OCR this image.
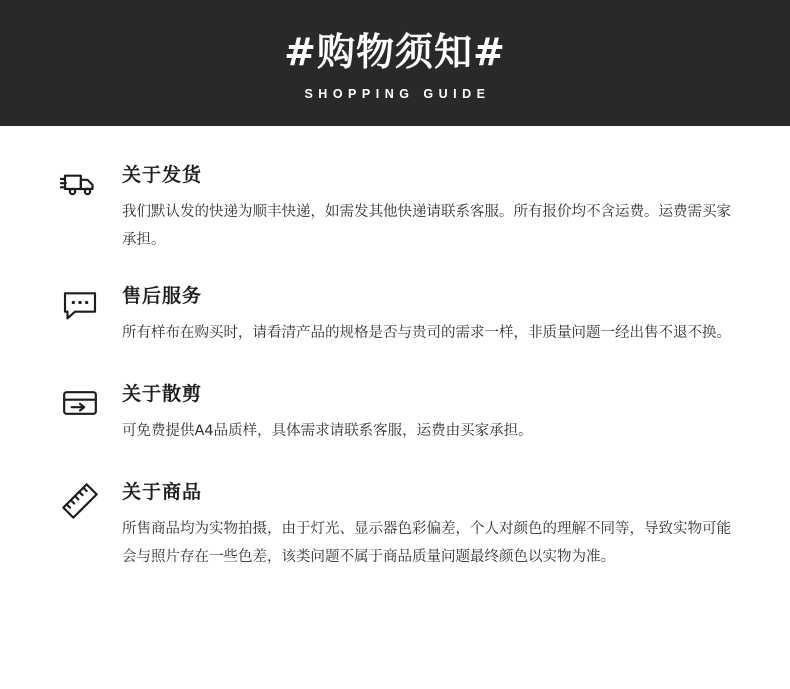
#购物须知#
SHOPPING GUIDE
关于发货

我们默认发的快递为顺丰快递，如需发其他快递请联系客服。所有报价均不含运费。运费需买家承担。

售后服务

所有样布在购买时，请看清产品的规格是否与贵司的需求一样，非质量问题一经出售不退不换。

关于散剪

可免费提供A4品质样，具体需求请联系客服，运费由买家承担。

关于商品

所售商品均为实物拍摄，由于灯光、显示器色彩偏差，个人对颜色的理解不同等，导致实物可能会与照片存在一些色差，该类问题不属于商品质量问题最终颜色以实物为准。
